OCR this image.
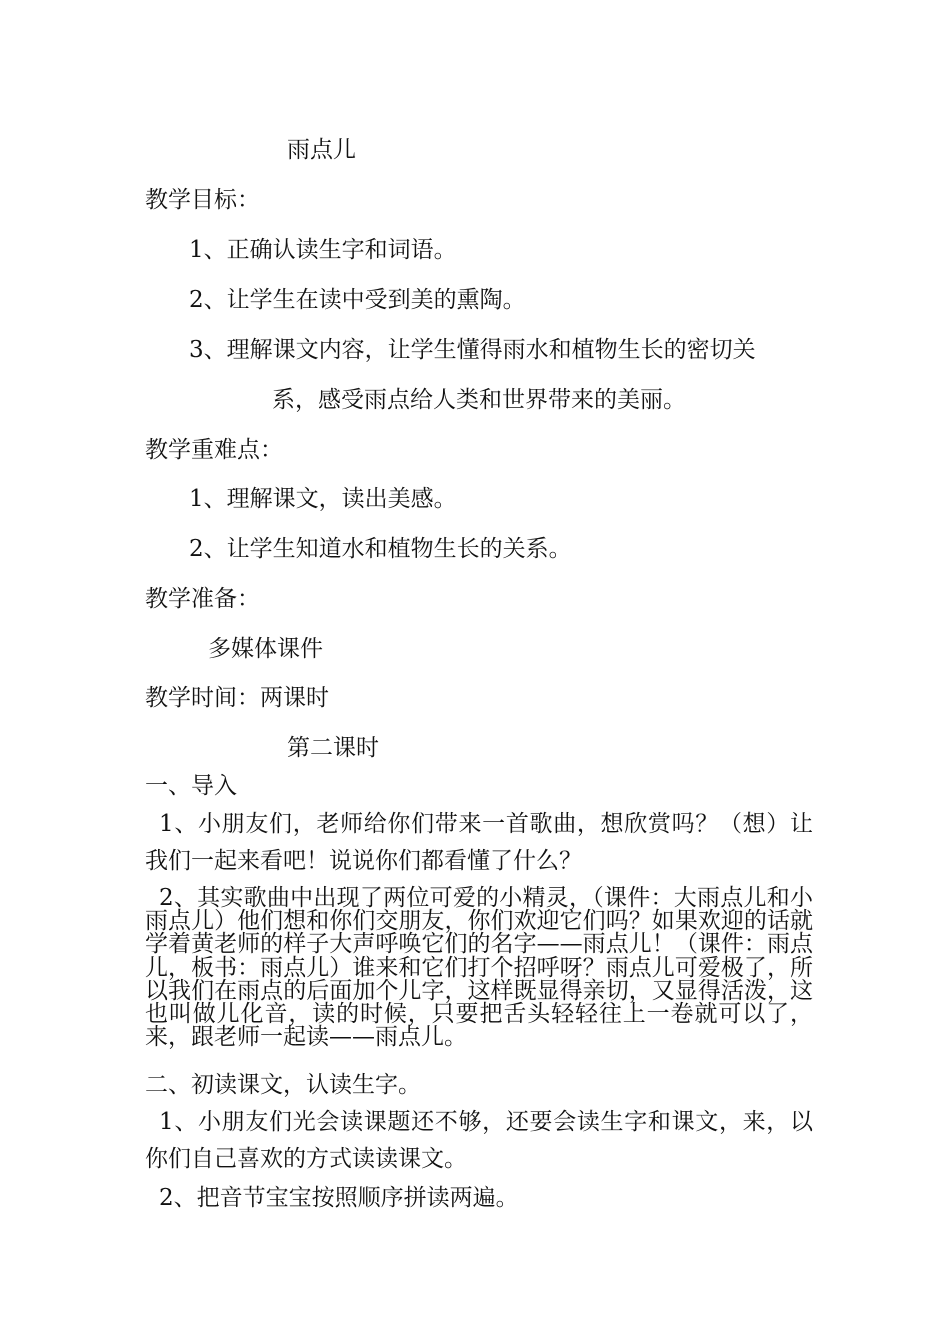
雨点儿

教学目标：

1、正确认读生字和词语。

2、让学生在读中受到美的熏陶。

3、理解课文内容，让学生懂得雨水和植物生长的密切关

系，感受雨点给人类和世界带来的美丽。

教学重难点：

1、理解课文，读出美感。

2、让学生知道水和植物生长的关系。

教学准备：

多媒体课件

教学时间：两课时

第二课时

一、导入

1、小朋友们，老师给你们带来一首歌曲，想欣赏吗？（想）让我们一起来看吧！说说你们都看懂了什么？

2、其实歌曲中出现了两位可爱的小精灵，（课件：大雨点儿和小雨点儿）他们想和你们交朋友，你们欢迎它们吗？如果欢迎的话就学着黄老师的样子大声呼唤它们的名字——雨点儿！（课件：雨点儿，板书：雨点儿）谁来和它们打个招呼呀？雨点儿可爱极了，所以我们在雨点的后面加个儿字，这样既显得亲切，又显得活泼，这也叫做儿化音，读的时候，只要把舌头轻轻往上一卷就可以了，来，跟老师一起读——雨点儿。

二、初读课文，认读生字。

1、小朋友们光会读课题还不够，还要会读生字和课文，来，以你们自己喜欢的方式读读课文。

2、把音节宝宝按照顺序拼读两遍。
